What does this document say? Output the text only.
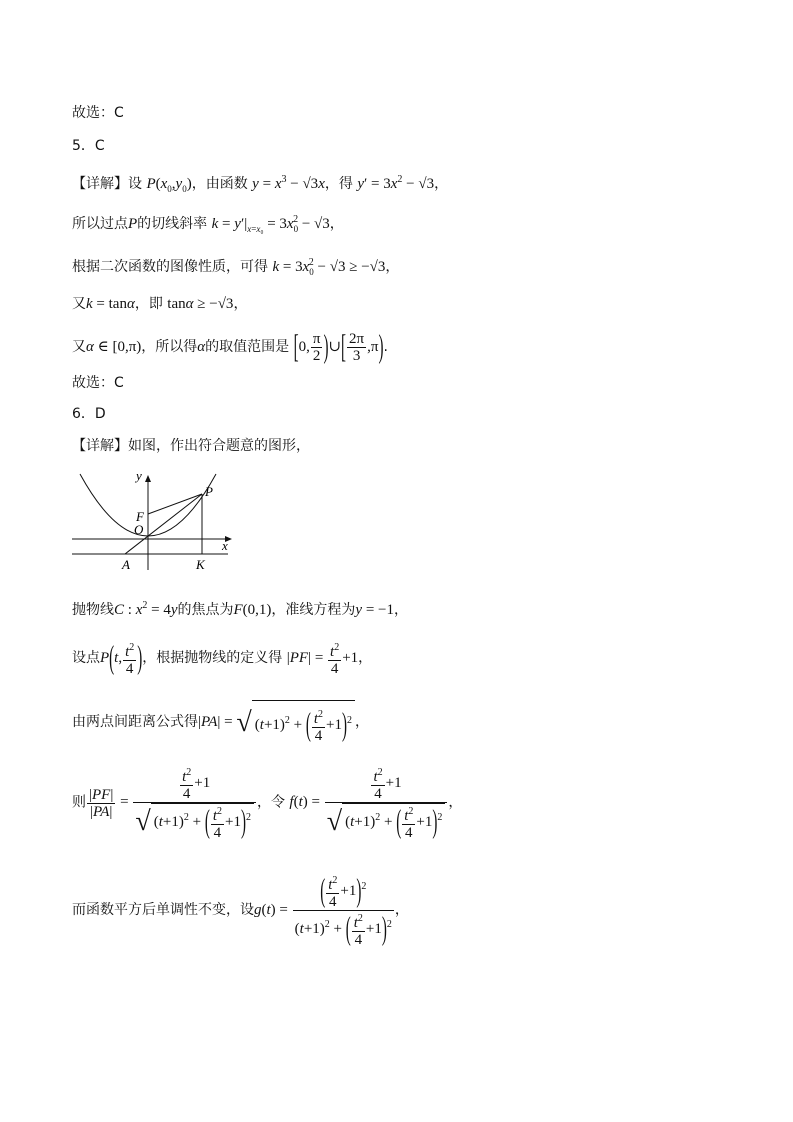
故选：C
5．C
【详解】设 $P(x_0,y_0)$，由函数 $y = x^3 - √3x$，得 $y' = 3x^2 - √3$，
所以过点P的切线斜率 $k = y'|_{x=x_0} = 3x_0^2 - √3$，
根据二次函数的图像性质，可得 $k = 3x_0^2 - √3 \ge -√3$，
又k = tanα，即 tanα ≥ −√3，
又α ∈ [0,π)，所以得α的取值范围是 [0, $\frac{\pi}{2}$ )∪[ $\frac{2\pi}{3} ,\pi$).
故选：C
6．D
【详解】如图，作出符合题意的图形，
y
x
P
F
O
A	K
抛物线C : $x^2 = 4y$的焦点为F(0,1)，准线方程为y = −1，
设点P(t, $\frac{t^2}{4}$ )，根据抛物线的定义得 $|PF| = \frac{t^2}{4} +1$，
由两点间距离公式得|PA| = √ $(t+1)^2$ + ( $\frac{t^2}{4} +1)^2$ ，
则 $\frac{|PF|}{|PA|} = \frac{\frac{t^2}{4} +1}{√ (t+1)^2 + ( \frac{t^2}{4} +1)^2}$ ，令 $f(t) = \frac{\frac{t^2}{4} +1}{√ (t+1)^2 + ( \frac{t^2}{4} +1)^2}$ ，
而函数平方后单调性不变，设$g(t) = \frac{( \frac{t^2}{4} +1)^2}{(t+1)^2 + ( \frac{t^2}{4} +1)^2}$ ，
